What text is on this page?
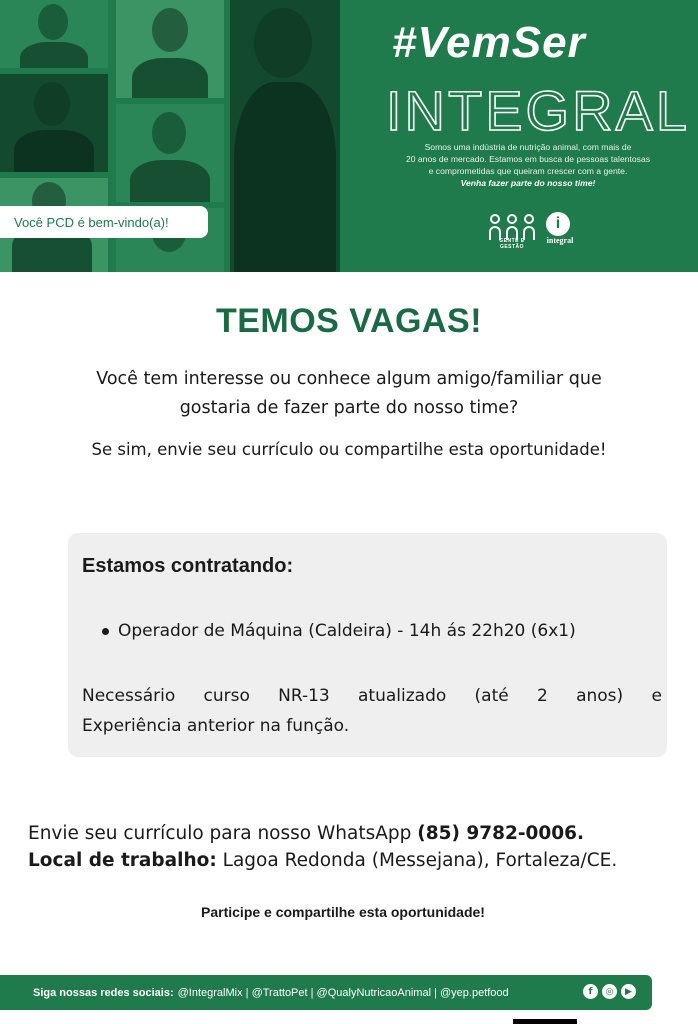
Você PCD é bem-vindo(a)!
#VemSer
INTEGRAL
Somos uma indústria de nutrição animal, com mais de
20 anos de mercado. Estamos em busca de pessoas talentosas
e comprometidas que queiram crescer com a gente.
Venha fazer parte do nosso time!
GENTE E GESTÃO
i
integral
TEMOS VAGAS!
Você tem interesse ou conhece algum amigo/familiar que
gostaria de fazer parte do nosso time?
Se sim, envie seu currículo ou compartilhe esta oportunidade!
Estamos contratando:
Operador de Máquina (Caldeira) - 14h ás 22h20 (6x1)
Necessário curso NR-13 atualizado (até 2 anos) e
Experiência anterior na função.
Envie seu currículo para nosso WhatsApp (85) 9782-0006.
Local de trabalho: Lagoa Redonda (Messejana), Fortaleza/CE.
Participe e compartilhe esta oportunidade!
Siga nossas redes sociais: @IntegralMix | @TrattoPet | @QualyNutricaoAnimal | @yep.petfood	f	◎	▶
